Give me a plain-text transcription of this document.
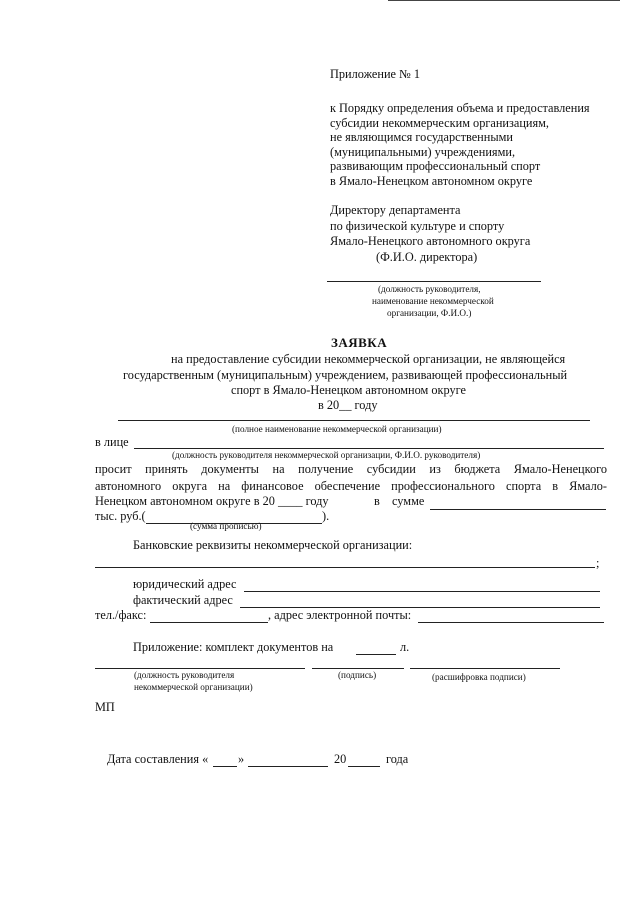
Приложение № 1
к Порядку определения объема и предоставления
субсидии некоммерческим организациям,
не являющимся государственными
(муниципальными) учреждениями,
развивающим профессиональный спорт
в Ямало-Ненецком автономном округе
Директору департамента
по физической культуре и спорту
Ямало-Ненецкого автономного округа
(Ф.И.О. директора)
(должность руководителя,
наименование некоммерческой
организации, Ф.И.О.)
ЗАЯВКА
на предоставление субсидии некоммерческой организации, не являющейся
государственным (муниципальным) учреждением, развивающей профессиональный
спорт в Ямало-Ненецком автономном округе
в 20__ году
(полное наименование некоммерческой организации)
в лице
(должность руководителя некоммерческой организации, Ф.И.О. руководителя)
просит принять документы на получение субсидии из бюджета Ямало-Ненецкого
автономного округа на финансовое обеспечение профессионального спорта в Ямало-
Ненецком автономном округе в 20 ____ году	в сумме
тыс. руб.(	).
(сумма прописью)
Банковские реквизиты некоммерческой организации:
;
юридический адрес
фактический адрес
тел./факс:	, адрес электронной почты:
Приложение: комплект документов на	л.
(должность руководителя
некоммерческой организации)
(подпись)	(расшифровка подписи)
МП
Дата составления « »	20	года
